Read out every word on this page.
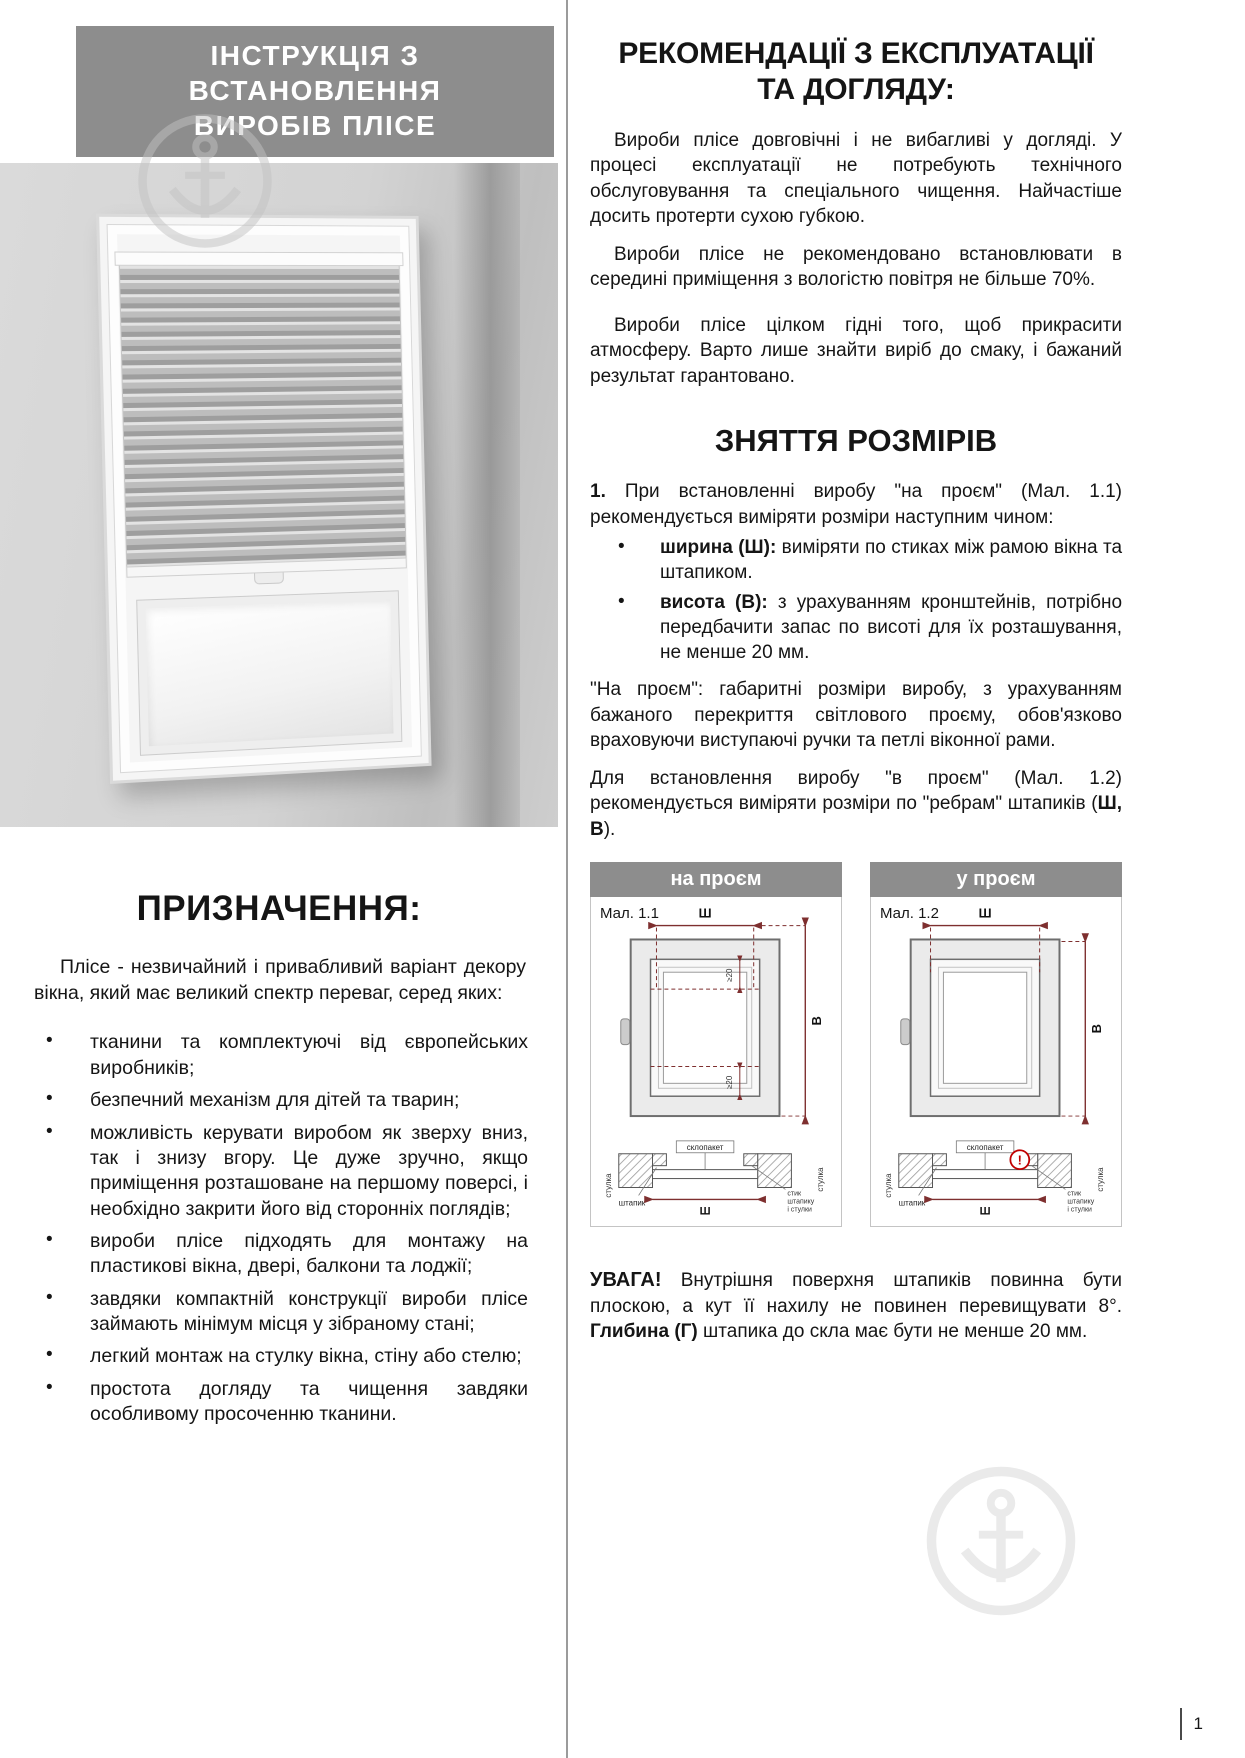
ІНСТРУКЦІЯ З ВСТАНОВЛЕННЯ
ВИРОБІВ ПЛІСЕ
ПРИЗНАЧЕННЯ:

Плісе - незвичайний і привабливий варіант декору вікна, який має великий спектр переваг, серед яких:

•	тканини та комплектуючі від європейських виробників;
•	безпечний механізм для дітей та тварин;
•	можливість керувати виробом як зверху вниз, так і знизу вгору. Це дуже зручно, якщо приміщення розташоване на першому поверсі, і необхідно закрити його від сторонніх поглядів;
•	вироби плісе підходять для монтажу на пластикові вікна, двері, балкони та лоджії;
•	завдяки компактній конструкції вироби плісе займають мінімум місця у зібраному стані;
•	легкий монтаж на стулку вікна, стіну або стелю;
•	простота догляду та чищення завдяки особливому просоченню тканини.
РЕКОМЕНДАЦІЇ З ЕКСПЛУАТАЦІЇ
ТА ДОГЛЯДУ:

Вироби плісе довговічні і не вибагливі у догляді. У процесі експлуатації не потребують технічного обслуговування та спеціального чищення. Найчастіше досить протерти сухою губкою.

Вироби плісе не рекомендовано встановлювати в середині приміщення з вологістю повітря не більше 70%.

Вироби плісе цілком гідні того, щоб прикрасити атмосферу. Варто лише знайти виріб до смаку, і бажаний результат гарантовано.

ЗНЯТТЯ РОЗМІРІВ

1. При встановленні виробу "на проєм" (Мал. 1.1) рекомендується виміряти розміри наступним чином:

•	ширина (Ш): виміряти по стиках між рамою вікна та штапиком.
•	висота (В): з урахуванням кронштейнів, потрібно передбачити запас по висоті для їх розташування, не менше 20 мм.

"На проєм": габаритні розміри виробу, з урахуванням бажаного перекриття світлового проєму, обов'язково враховуючи виступаючі ручки та петлі віконної рами.

Для встановлення виробу "в проєм" (Мал. 1.2) рекомендується виміряти розміри по "ребрам" штапиків (Ш, В).

на проєм
Мал. 1.1	Ш
В
≥20
≥20
склопакет
стулка	стулка
штапик
Ш
стик
штапику
і стулки
у проєм
Мал. 1.2	Ш
В
склопакет
стулка	стулка
штапик
Ш
стик
штапику
і стулки
!

УВАГА! Внутрішня поверхня штапиків повинна бути плоскою, а кут її нахилу не повинен перевищувати 8°. Глибина (Г) штапика до скла має бути не менше 20 мм.

1
